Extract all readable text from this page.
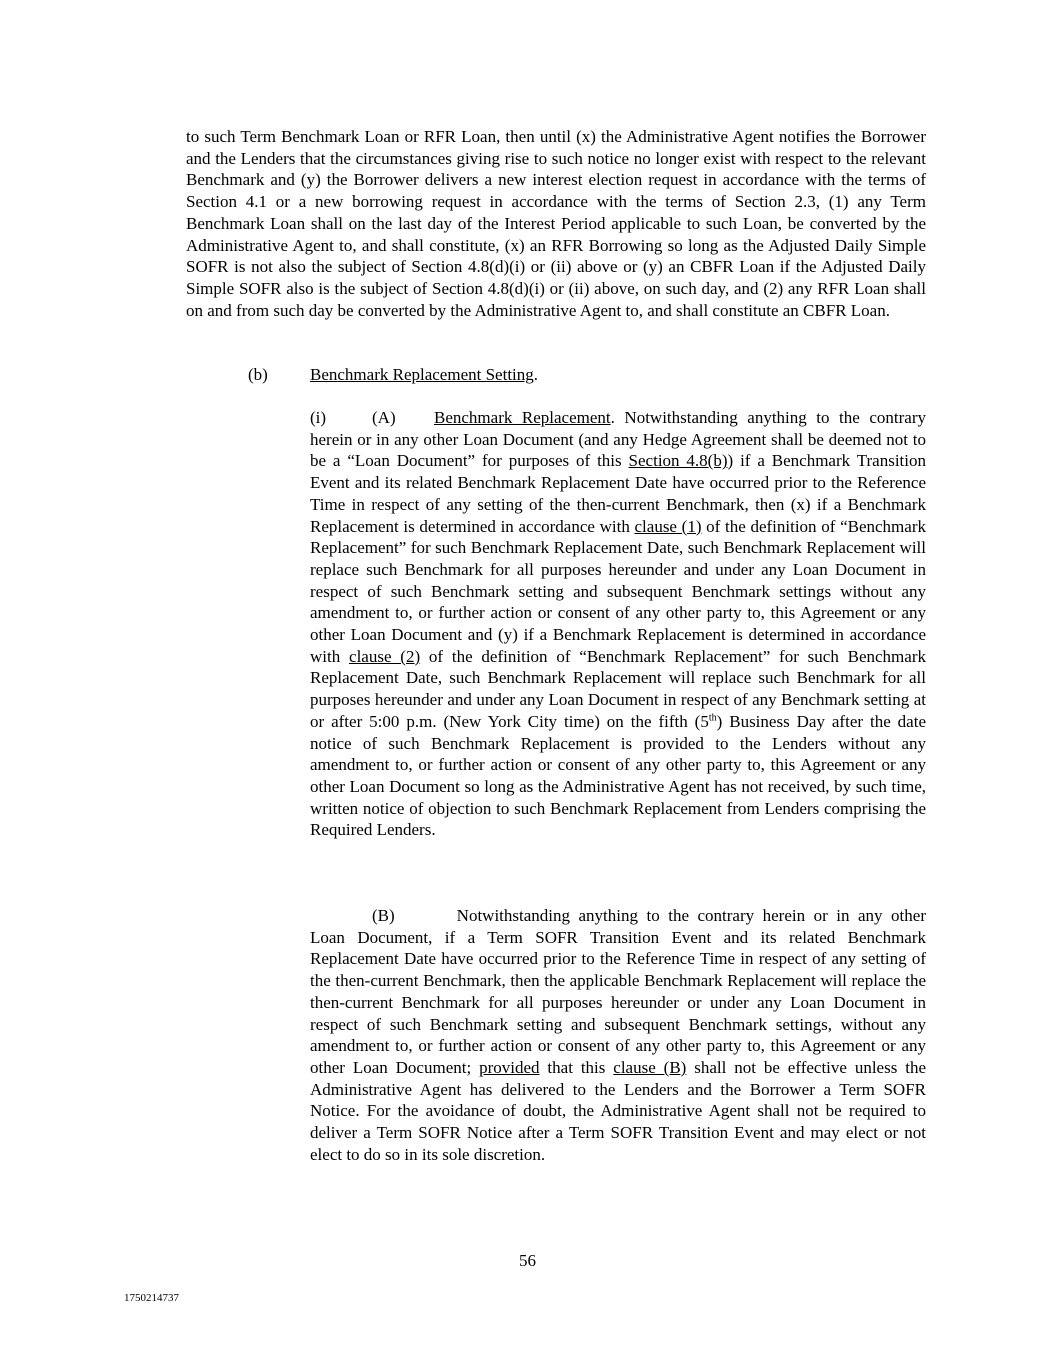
to such Term Benchmark Loan or RFR Loan, then until (x) the Administrative Agent notifies the Borrower and the Lenders that the circumstances giving rise to such notice no longer exist with respect to the relevant Benchmark and (y) the Borrower delivers a new interest election request in accordance with the terms of Section 4.1 or a new borrowing request in accordance with the terms of Section 2.3, (1) any Term Benchmark Loan shall on the last day of the Interest Period applicable to such Loan, be converted by the Administrative Agent to, and shall constitute, (x) an RFR Borrowing so long as the Adjusted Daily Simple SOFR is not also the subject of Section 4.8(d)(i) or (ii) above or (y) an CBFR Loan if the Adjusted Daily Simple SOFR also is the subject of Section 4.8(d)(i) or (ii) above, on such day, and (2) any RFR Loan shall on and from such day be converted by the Administrative Agent to, and shall constitute an CBFR Loan.

(b) Benchmark Replacement Setting.

(i)	(A) Benchmark Replacement. Notwithstanding anything to the contrary herein or in any other Loan Document (and any Hedge Agreement shall be deemed not to be a “Loan Document” for purposes of this Section 4.8(b)) if a Benchmark Transition Event and its related Benchmark Replacement Date have occurred prior to the Reference Time in respect of any setting of the then-current Benchmark, then (x) if a Benchmark Replacement is determined in accordance with clause (1) of the definition of “Benchmark Replacement” for such Benchmark Replacement Date, such Benchmark Replacement will replace such Benchmark for all purposes hereunder and under any Loan Document in respect of such Benchmark setting and subsequent Benchmark settings without any amendment to, or further action or consent of any other party to, this Agreement or any other Loan Document and (y) if a Benchmark Replacement is determined in accordance with clause (2) of the definition of “Benchmark Replacement” for such Benchmark Replacement Date, such Benchmark Replacement will replace such Benchmark for all purposes hereunder and under any Loan Document in respect of any Benchmark setting at or after 5:00 p.m. (New York City time) on the fifth (5th) Business Day after the date notice of such Benchmark Replacement is provided to the Lenders without any amendment to, or further action or consent of any other party to, this Agreement or any other Loan Document so long as the Administrative Agent has not received, by such time, written notice of objection to such Benchmark Replacement from Lenders comprising the Required Lenders.

(B)	Notwithstanding anything to the contrary herein or in any other Loan Document, if a Term SOFR Transition Event and its related Benchmark Replacement Date have occurred prior to the Reference Time in respect of any setting of the then-current Benchmark, then the applicable Benchmark Replacement will replace the then-current Benchmark for all purposes hereunder or under any Loan Document in respect of such Benchmark setting and subsequent Benchmark settings, without any amendment to, or further action or consent of any other party to, this Agreement or any other Loan Document; provided that this clause (B) shall not be effective unless the Administrative Agent has delivered to the Lenders and the Borrower a Term SOFR Notice. For the avoidance of doubt, the Administrative Agent shall not be required to deliver a Term SOFR Notice after a Term SOFR Transition Event and may elect or not elect to do so in its sole discretion.

56
1750214737
